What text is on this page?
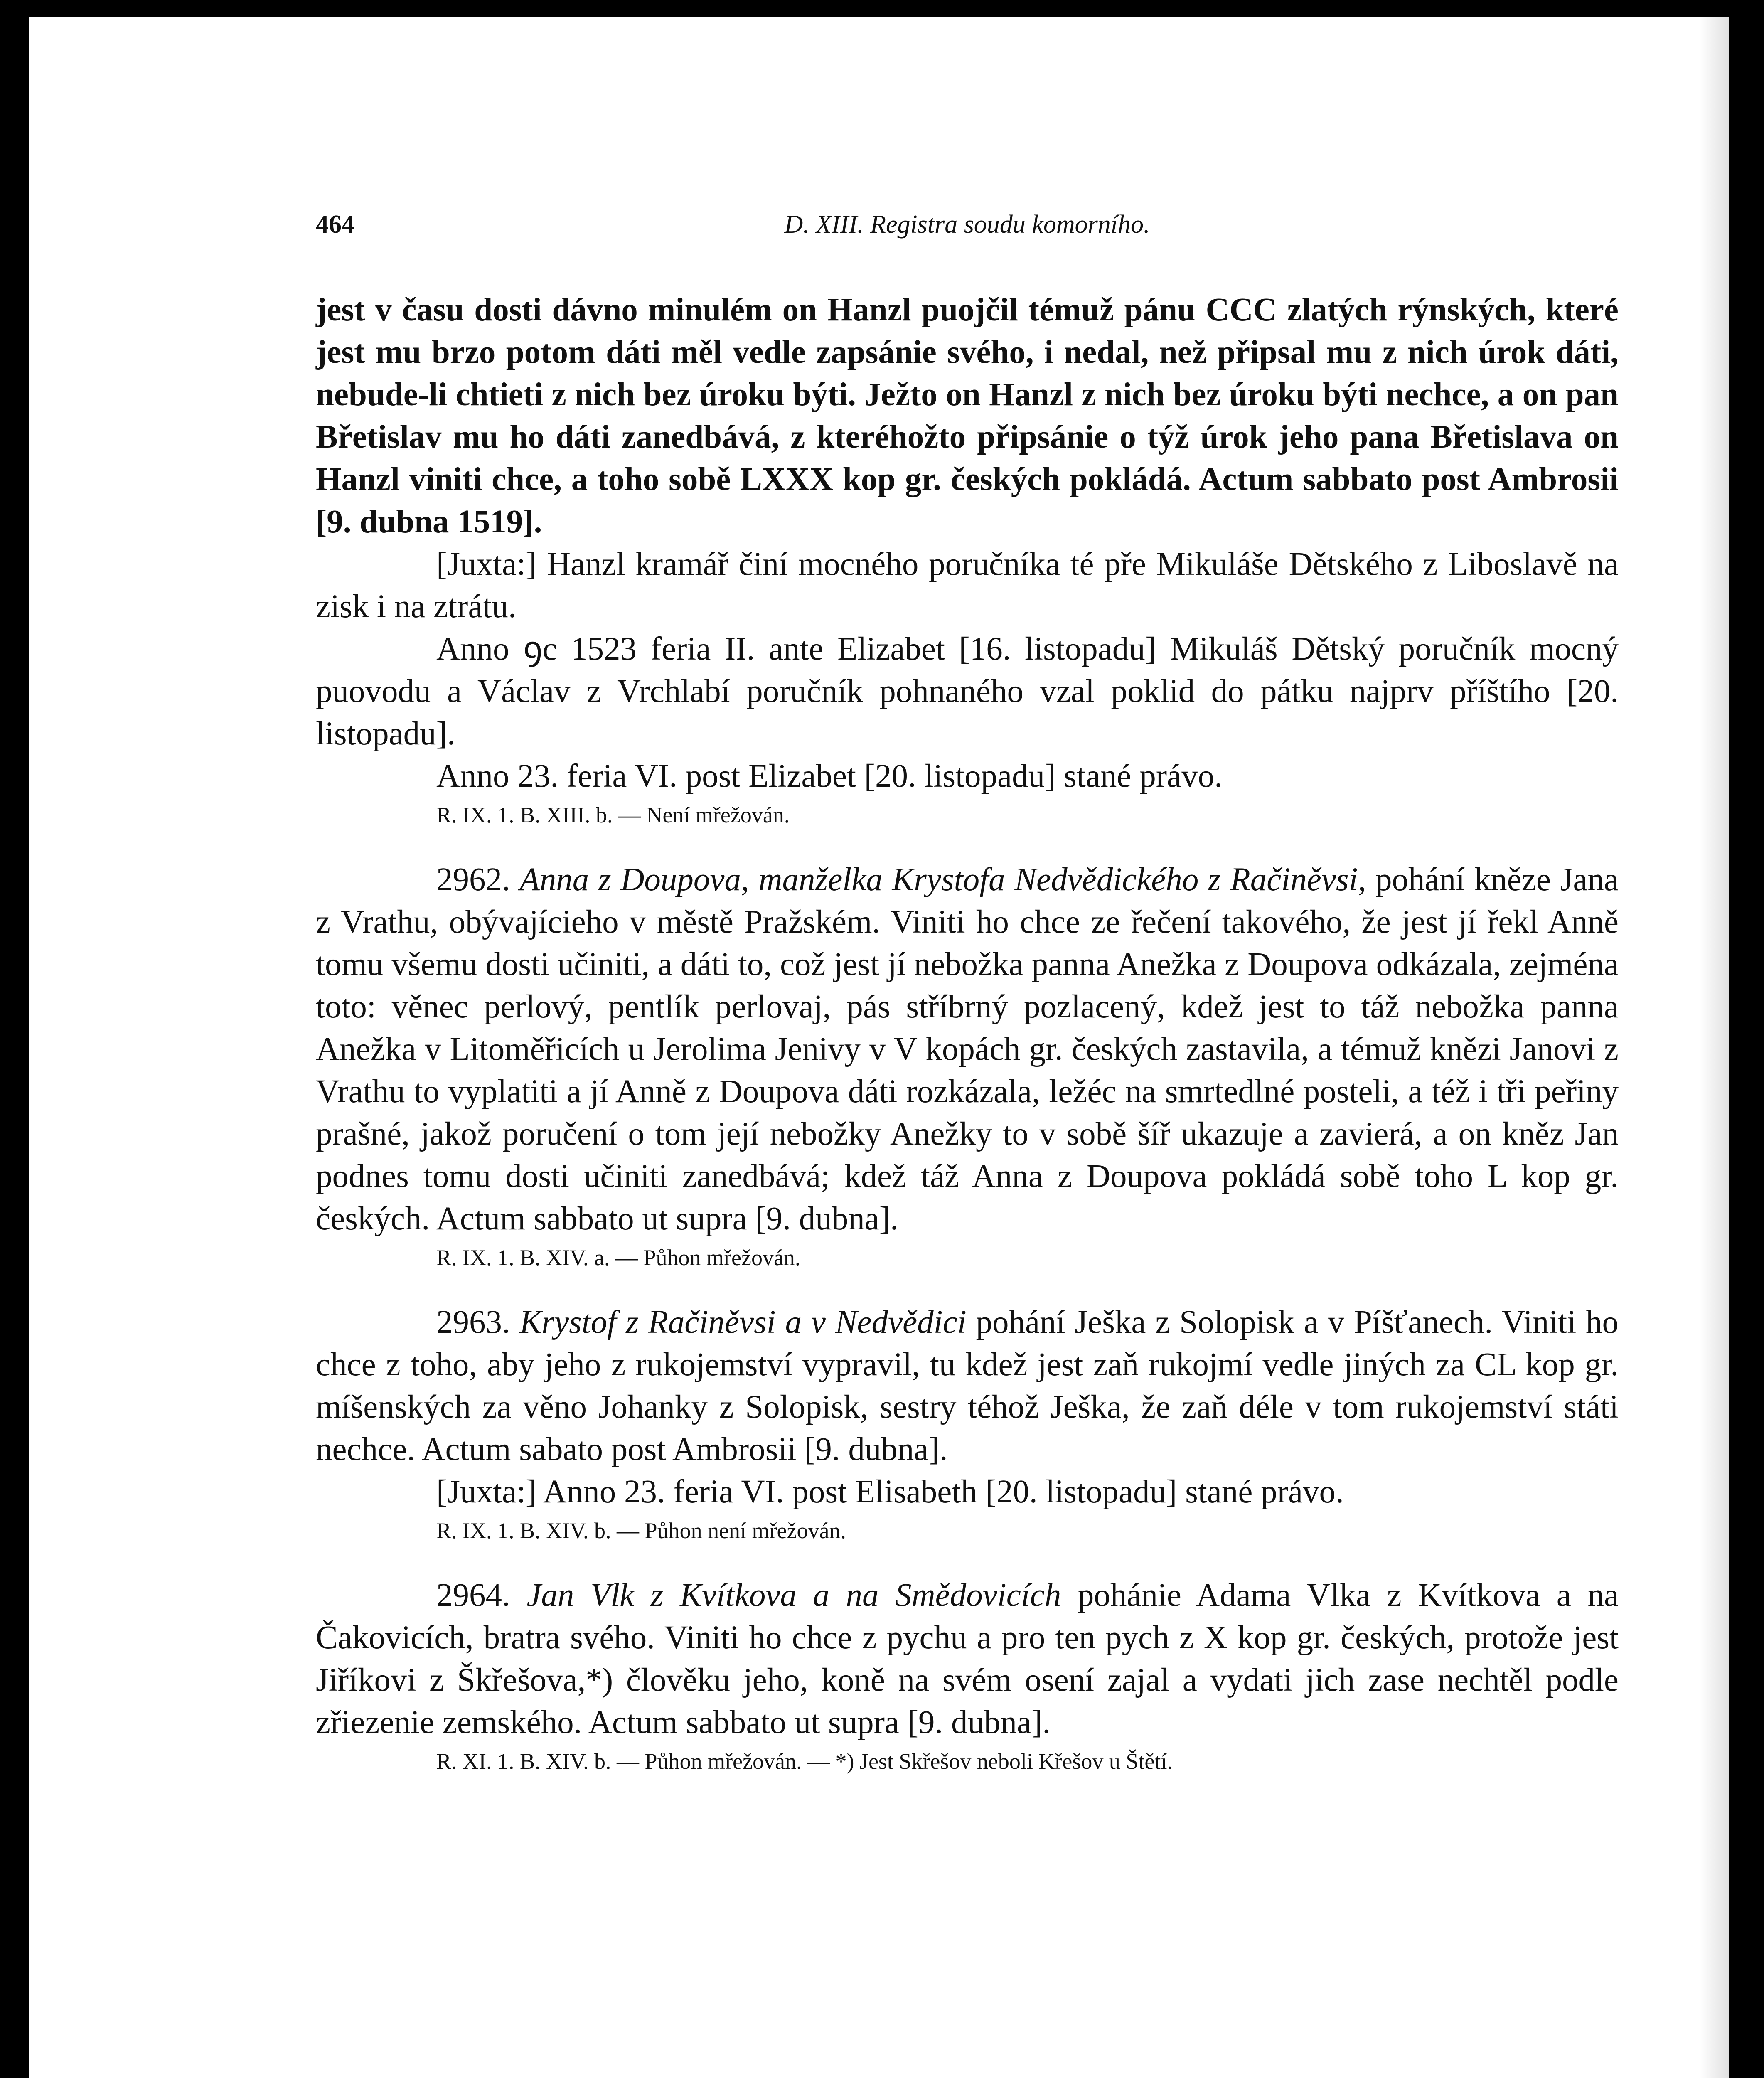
464	D. XIII. Registra soudu komorního.

jest v času dosti dávno minulém on Hanzl puojčil témuž pánu CCC zlatých rýnských, které jest mu brzo potom dáti měl vedle zapsánie svého, i nedal, než připsal mu z nich úrok dáti, nebude-li chtieti z nich bez úroku býti. Ježto on Hanzl z nich bez úroku býti nechce, a on pan Břetislav mu ho dáti zanedbává, z kteréhožto připsánie o týž úrok jeho pana Břetislava on Hanzl viniti chce, a toho sobě LXXX kop gr. českých pokládá. Actum sabbato post Ambrosii [9. dubna 1519].

[Juxta:] Hanzl kramář činí mocného poručníka té pře Mikuláše Dětského z Liboslavě na zisk i na ztrátu.

Anno ꝯc 1523 feria II. ante Elizabet [16. listopadu] Mikuláš Dětský poručník mocný puovodu a Václav z Vrchlabí poručník pohnaného vzal poklid do pátku najprv příštího [20. listopadu].

Anno 23. feria VI. post Elizabet [20. listopadu] stané právo.

R. IX. 1. B. XIII. b. — Není mřežován.

2962. Anna z Doupova, manželka Krystofa Nedvědického z Račiněvsi, pohání kněze Jana z Vrathu, obývajícieho v městě Pražském. Viniti ho chce ze řečení takového, že jest jí řekl Anně tomu všemu dosti učiniti, a dáti to, což jest jí nebožka panna Anežka z Doupova odkázala, zejména toto: věnec perlový, pentlík perlovaj, pás stříbrný pozlacený, kdež jest to táž nebožka panna Anežka v Litoměřicích u Jerolima Jenivy v V kopách gr. českých zastavila, a témuž knězi Janovi z Vrathu to vyplatiti a jí Anně z Doupova dáti rozkázala, ležéc na smrtedlné posteli, a též i tři peřiny prašné, jakož poručení o tom její nebožky Anežky to v sobě šíř ukazuje a zavierá, a on kněz Jan podnes tomu dosti učiniti zanedbává; kdež táž Anna z Doupova pokládá sobě toho L kop gr. českých. Actum sabbato ut supra [9. dubna].

R. IX. 1. B. XIV. a. — Půhon mřežován.

2963. Krystof z Račiněvsi a v Nedvědici pohání Ješka z Solopisk a v Píšťanech. Viniti ho chce z toho, aby jeho z rukojemství vypravil, tu kdež jest zaň rukojmí vedle jiných za CL kop gr. míšenských za věno Johanky z Solopisk, sestry téhož Ješka, že zaň déle v tom rukojemství státi nechce. Actum sabato post Ambrosii [9. dubna].

[Juxta:] Anno 23. feria VI. post Elisabeth [20. listopadu] stané právo.

R. IX. 1. B. XIV. b. — Půhon není mřežován.

2964. Jan Vlk z Kvítkova a na Smědovicích pohánie Adama Vlka z Kvítkova a na Čakovicích, bratra svého. Viniti ho chce z pychu a pro ten pych z X kop gr. českých, protože jest Jiříkovi z Škřešova,*) člověku jeho, koně na svém osení zajal a vydati jich zase nechtěl podle zřiezenie zemského. Actum sabbato ut supra [9. dubna].

R. XI. 1. B. XIV. b. — Půhon mřežován. — *) Jest Skřešov neboli Křešov u Štětí.
